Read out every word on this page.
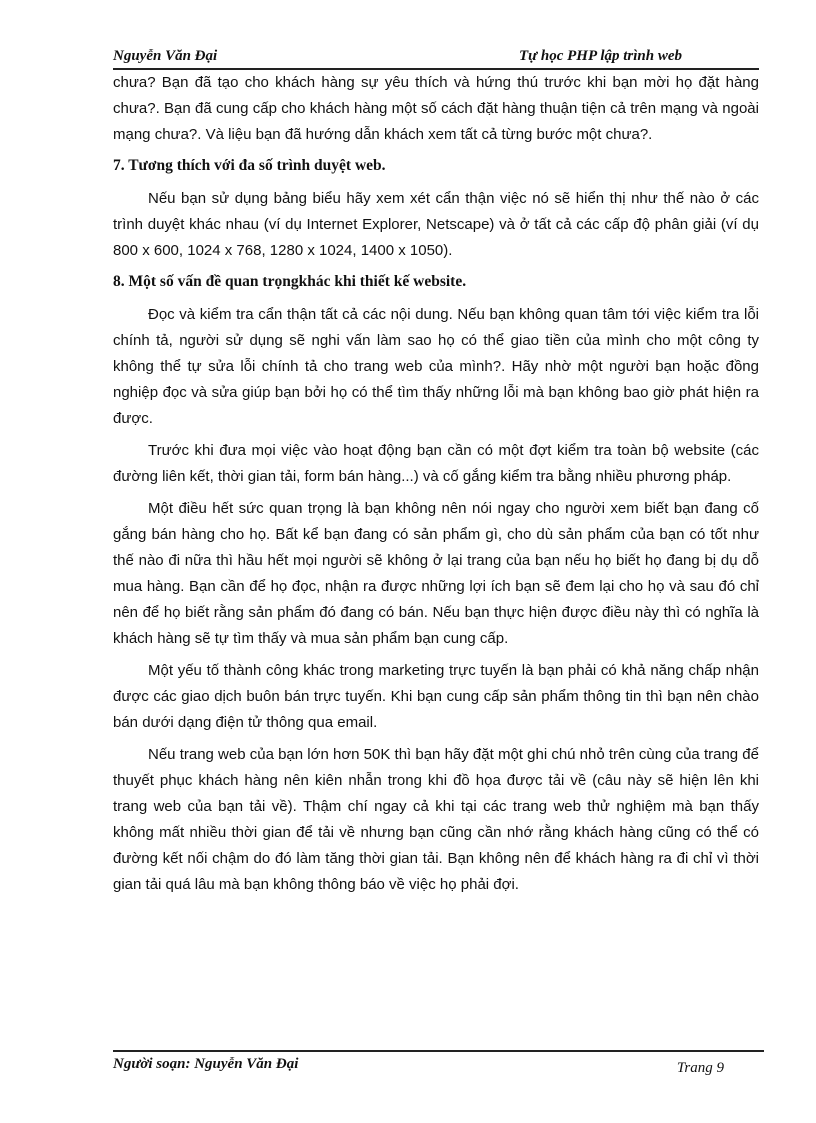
Nguyễn Văn Đại	Tự học PHP lập trình web

chưa? Bạn đã tạo cho khách hàng sự yêu thích và hứng thú trước khi bạn mời họ đặt hàng chưa?. Bạn đã cung cấp cho khách hàng một số cách đặt hàng thuận tiện cả trên mạng và ngoài mạng chưa?. Và liệu bạn đã hướng dẫn khách xem tất cả từng bước một chưa?.

7. Tương thích với đa số trình duyệt web.

Nếu bạn sử dụng bảng biểu hãy xem xét cẩn thận việc nó sẽ hiển thị như thế nào ở các trình duyệt khác nhau (ví dụ Internet Explorer, Netscape) và ở tất cả các cấp độ phân giải (ví dụ 800 x 600, 1024 x 768, 1280 x 1024, 1400 x 1050).

8. Một số vấn đề quan trọngkhác khi thiết kế website.

Đọc và kiểm tra cẩn thận tất cả các nội dung. Nếu bạn không quan tâm tới việc kiểm tra lỗi chính tả, người sử dụng sẽ nghi vấn làm sao họ có thể giao tiền của mình cho một công ty không thể tự sửa lỗi chính tả cho trang web của mình?. Hãy nhờ một người bạn hoặc đồng nghiệp đọc và sửa giúp bạn bởi họ có thể tìm thấy những lỗi mà bạn không bao giờ phát hiện ra được.

Trước khi đưa mọi việc vào hoạt động bạn cần có một đợt kiểm tra toàn bộ website (các đường liên kết, thời gian tải, form bán hàng...) và cố gắng kiểm tra bằng nhiều phương pháp.

Một điều hết sức quan trọng là bạn không nên nói ngay cho người xem biết bạn đang cố gắng bán hàng cho họ. Bất kể bạn đang có sản phẩm gì, cho dù sản phẩm của bạn có tốt như thế nào đi nữa thì hầu hết mọi người sẽ không ở lại trang của bạn nếu họ biết họ đang bị dụ dỗ mua hàng. Bạn cần để họ đọc, nhận ra được những lợi ích bạn sẽ đem lại cho họ và sau đó chỉ nên để họ biết rằng sản phẩm đó đang có bán. Nếu bạn thực hiện được điều này thì có nghĩa là khách hàng sẽ tự tìm thấy và mua sản phẩm bạn cung cấp.

Một yếu tố thành công khác trong marketing trực tuyến là bạn phải có khả năng chấp nhận được các giao dịch buôn bán trực tuyến. Khi bạn cung cấp sản phẩm thông tin thì bạn nên chào bán dưới dạng điện tử thông qua email.

Nếu trang web của bạn lớn hơn 50K thì bạn hãy đặt một ghi chú nhỏ trên cùng của trang để thuyết phục khách hàng nên kiên nhẫn trong khi đồ họa được tải về (câu này sẽ hiện lên khi trang web của bạn tải về). Thậm chí ngay cả khi tại các trang web thử nghiệm mà bạn thấy không mất nhiều thời gian để tải về nhưng bạn cũng cần nhớ rằng khách hàng cũng có thể có đường kết nối chậm do đó làm tăng thời gian tải. Bạn không nên để khách hàng ra đi chỉ vì thời gian tải quá lâu mà bạn không thông báo về việc họ phải đợi.

Người soạn: Nguyễn Văn Đại	Trang 9
